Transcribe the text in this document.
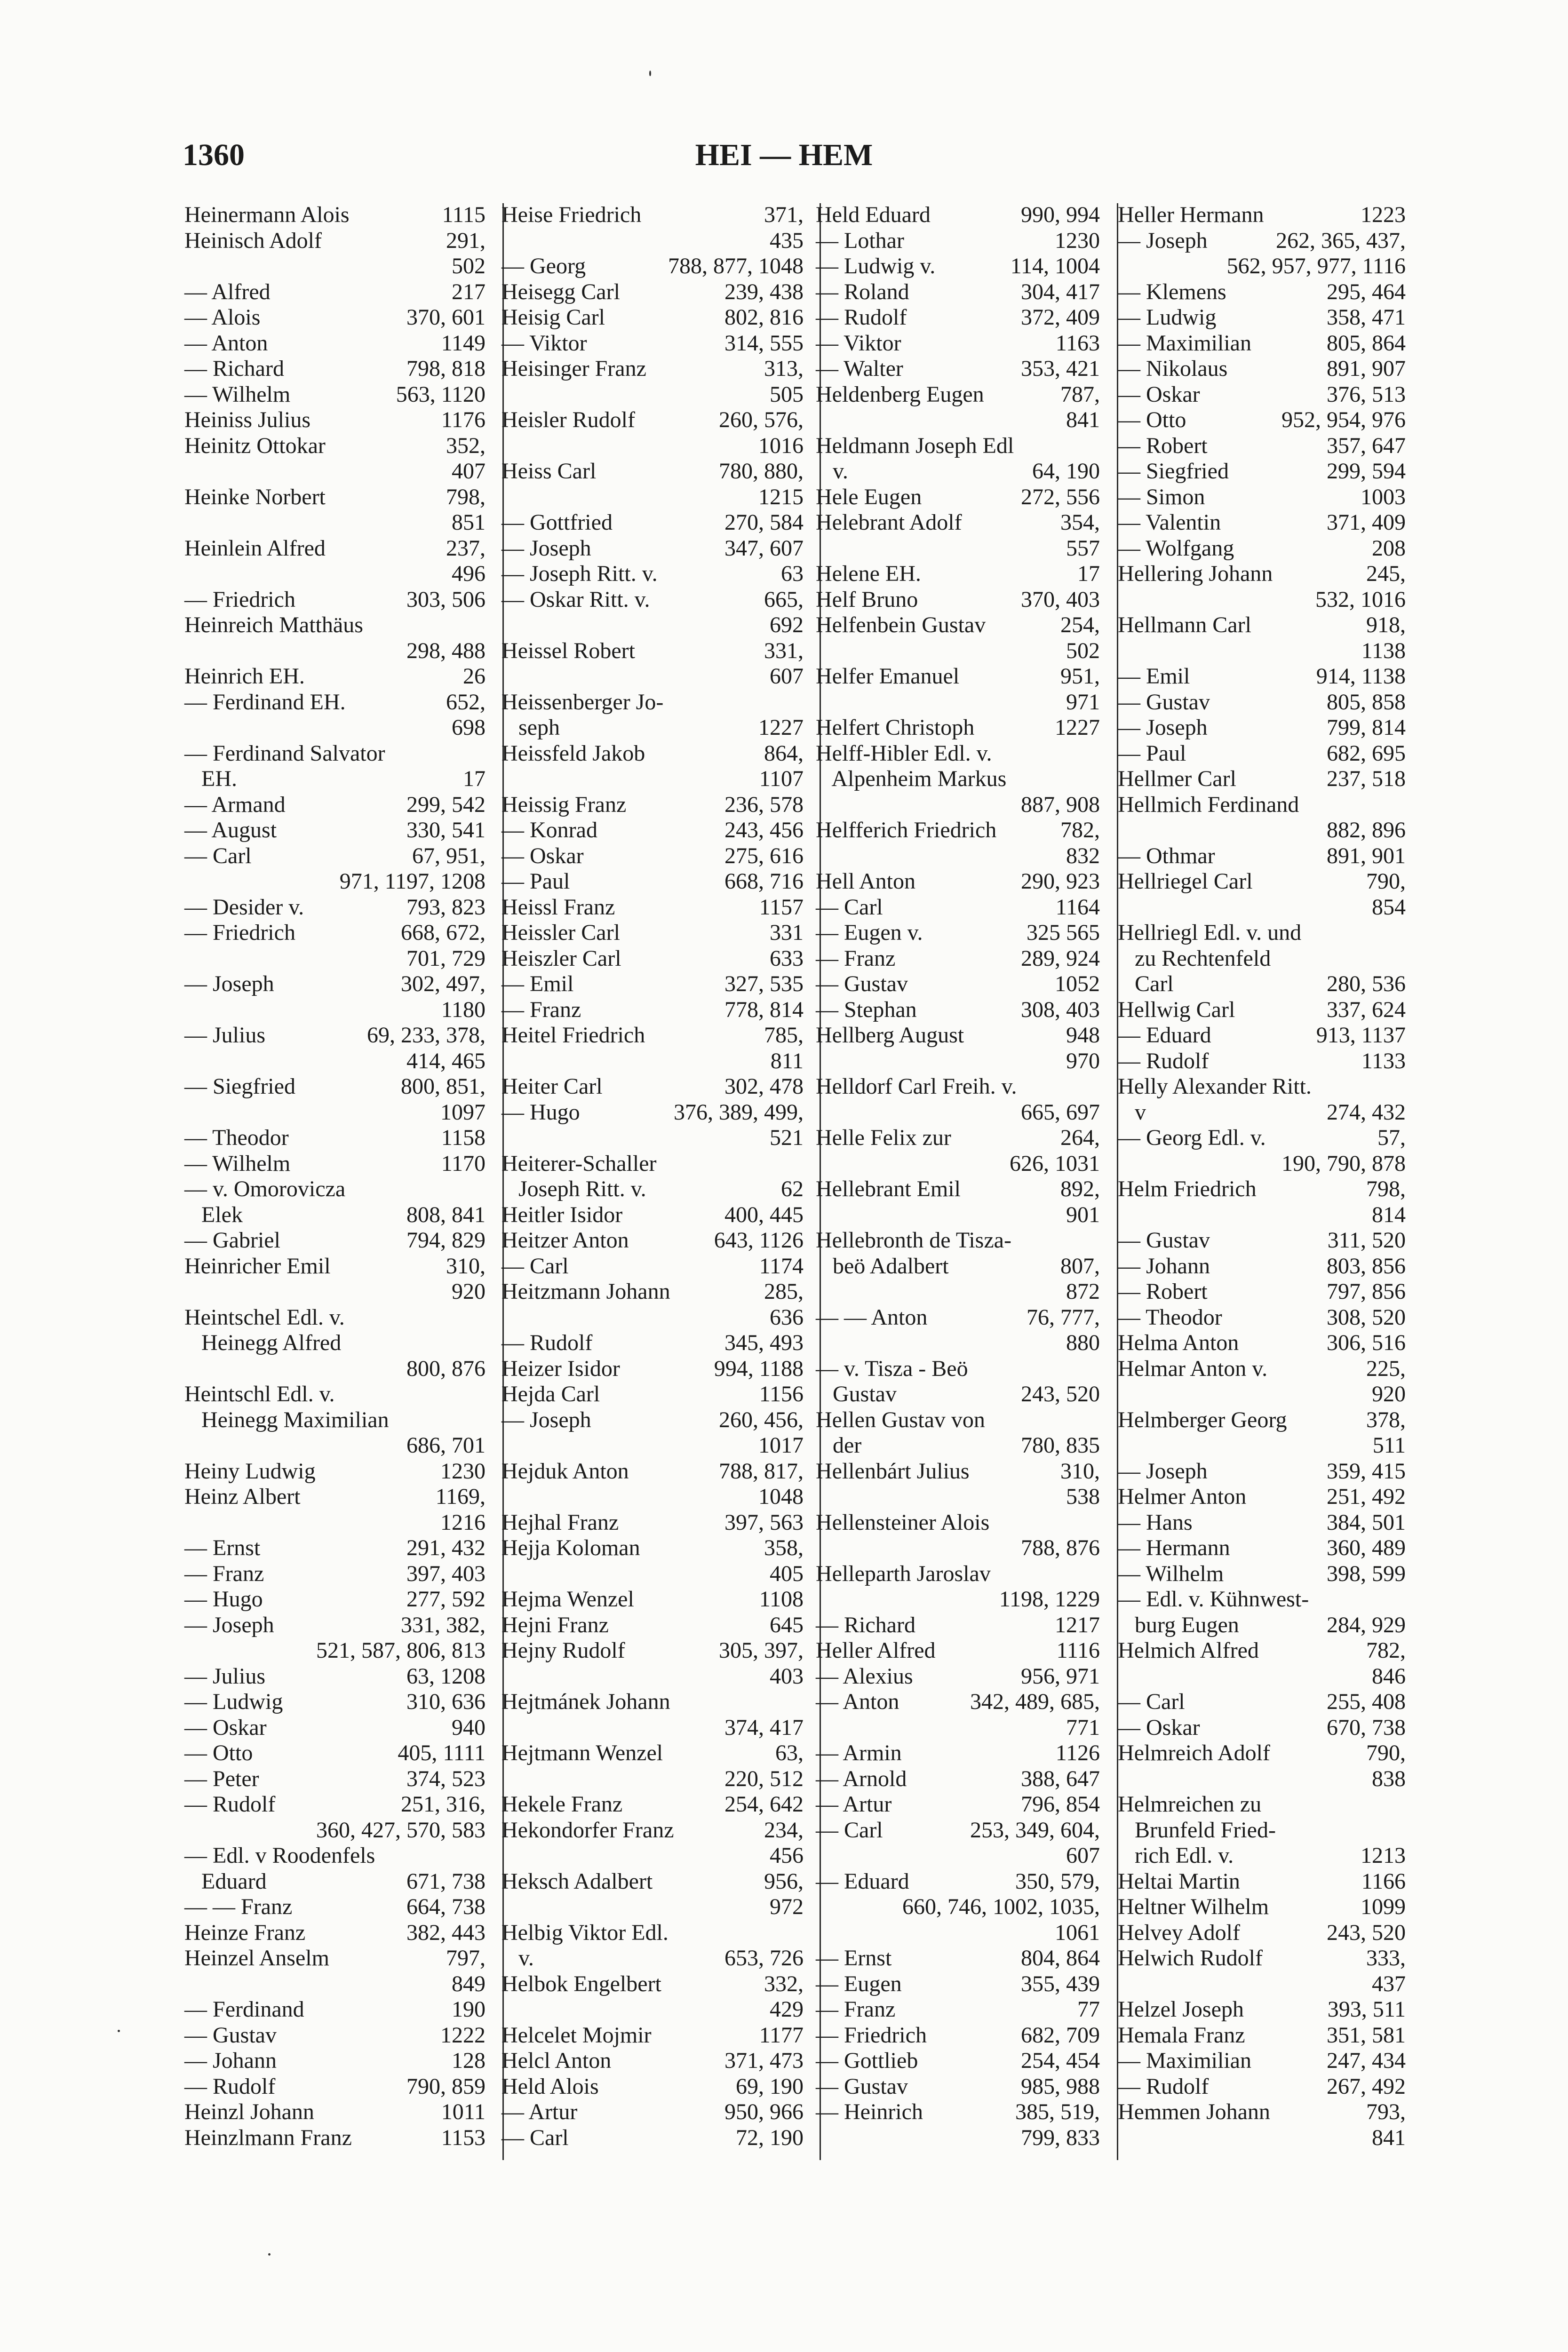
1360	HEI — HEM
1115
Heinermann Alois
291,
Heinisch Adolf
502
217
— Alfred
370, 601
— Alois
1149
— Anton
798, 818
— Richard
563, 1120
— Wilhelm
1176
Heiniss Julius
352,
Heinitz Ottokar
407
798,
Heinke Norbert
851
237,
Heinlein Alfred
496
303, 506
— Friedrich
Heinreich Matthäus
298, 488
26
Heinrich EH.
652,
— Ferdinand EH.
698
— Ferdinand Salvator
17
EH.
299, 542
— Armand
330, 541
— August
67, 951,
— Carl
971, 1197, 1208
793, 823
— Desider v.
668, 672,
— Friedrich
701, 729
302, 497,
— Joseph
1180
69, 233, 378,
— Julius
414, 465
800, 851,
— Siegfried
1097
1158
— Theodor
1170
— Wilhelm
— v. Omorovicza
808, 841
Elek
794, 829
— Gabriel
310,
Heinricher Emil
920
Heintschel Edl. v.
Heinegg Alfred
800, 876
Heintschl Edl. v.
Heinegg Maximilian
686, 701
1230
Heiny Ludwig
1169,
Heinz Albert
1216
291, 432
— Ernst
397, 403
— Franz
277, 592
— Hugo
331, 382,
— Joseph
521, 587, 806, 813
63, 1208
— Julius
310, 636
— Ludwig
940
— Oskar
405, 1111
— Otto
374, 523
— Peter
251, 316,
— Rudolf
360, 427, 570, 583
— Edl. v Roodenfels
671, 738
Eduard
664, 738
— — Franz
382, 443
Heinze Franz
797,
Heinzel Anselm
849
190
— Ferdinand
1222
— Gustav
128
— Johann
790, 859
— Rudolf
1011
Heinzl Johann
1153
Heinzlmann Franz
371,
Heise Friedrich
435
788, 877, 1048
— Georg
239, 438
Heisegg Carl
802, 816
Heisig Carl
314, 555
— Viktor
313,
Heisinger Franz
505
260, 576,
Heisler Rudolf
1016
780, 880,
Heiss Carl
1215
270, 584
— Gottfried
347, 607
— Joseph
63
— Joseph Ritt. v.
665,
— Oskar Ritt. v.
692
331,
Heissel Robert
607
Heissenberger Jo-
1227
seph
864,
Heissfeld Jakob
1107
236, 578
Heissig Franz
243, 456
— Konrad
275, 616
— Oskar
668, 716
— Paul
1157
Heissl Franz
331
Heissler Carl
633
Heiszler Carl
327, 535
— Emil
778, 814
— Franz
785,
Heitel Friedrich
811
302, 478
Heiter Carl
376, 389, 499,
— Hugo
521
Heiterer-Schaller
62
Joseph Ritt. v.
400, 445
Heitler Isidor
643, 1126
Heitzer Anton
1174
— Carl
285,
Heitzmann Johann
636
345, 493
— Rudolf
994, 1188
Heizer Isidor
1156
Hejda Carl
260, 456,
— Joseph
1017
788, 817,
Hejduk Anton
1048
397, 563
Hejhal Franz
358,
Hejja Koloman
405
1108
Hejma Wenzel
645
Hejni Franz
305, 397,
Hejny Rudolf
403
Hejtmánek Johann
374, 417
63,
Hejtmann Wenzel
220, 512
254, 642
Hekele Franz
234,
Hekondorfer Franz
456
956,
Heksch Adalbert
972
Helbig Viktor Edl.
653, 726
v.
332,
Helbok Engelbert
429
1177
Helcelet Mojmir
371, 473
Helcl Anton
69, 190
Held Alois
950, 966
— Artur
72, 190
— Carl
990, 994
Held Eduard
1230
— Lothar
114, 1004
— Ludwig v.
304, 417
— Roland
372, 409
— Rudolf
1163
— Viktor
353, 421
— Walter
787,
Heldenberg Eugen
841
Heldmann Joseph Edl
64, 190
v.
272, 556
Hele Eugen
354,
Helebrant Adolf
557
17
Helene EH.
370, 403
Helf Bruno
254,
Helfenbein Gustav
502
951,
Helfer Emanuel
971
1227
Helfert Christoph
Helff-Hibler Edl. v.
Alpenheim Markus
887, 908
782,
Helfferich Friedrich
832
290, 923
Hell Anton
1164
— Carl
325 565
— Eugen v.
289, 924
— Franz
1052
— Gustav
308, 403
— Stephan
948
Hellberg August
970
Helldorf Carl Freih. v.
665, 697
264,
Helle Felix zur
626, 1031
892,
Hellebrant Emil
901
Hellebronth de Tisza-
807,
beö Adalbert
872
76, 777,
— — Anton
880
— v. Tisza - Beö
243, 520
Gustav
Hellen Gustav von
780, 835
der
310,
Hellenbárt Julius
538
Hellensteiner Alois
788, 876
Helleparth Jaroslav
1198, 1229
1217
— Richard
1116
Heller Alfred
956, 971
— Alexius
342, 489, 685,
— Anton
771
1126
— Armin
388, 647
— Arnold
796, 854
— Artur
253, 349, 604,
— Carl
607
350, 579,
— Eduard
660, 746, 1002, 1035,
1061
804, 864
— Ernst
355, 439
— Eugen
77
— Franz
682, 709
— Friedrich
254, 454
— Gottlieb
985, 988
— Gustav
385, 519,
— Heinrich
799, 833
1223
Heller Hermann
262, 365, 437,
— Joseph
562, 957, 977, 1116
295, 464
— Klemens
358, 471
— Ludwig
805, 864
— Maximilian
891, 907
— Nikolaus
376, 513
— Oskar
952, 954, 976
— Otto
357, 647
— Robert
299, 594
— Siegfried
1003
— Simon
371, 409
— Valentin
208
— Wolfgang
245,
Hellering Johann
532, 1016
918,
Hellmann Carl
1138
914, 1138
— Emil
805, 858
— Gustav
799, 814
— Joseph
682, 695
— Paul
237, 518
Hellmer Carl
Hellmich Ferdinand
882, 896
891, 901
— Othmar
790,
Hellriegel Carl
854
Hellriegl Edl. v. und
zu Rechtenfeld
280, 536
Carl
337, 624
Hellwig Carl
913, 1137
— Eduard
1133
— Rudolf
Helly Alexander Ritt.
274, 432
v
57,
— Georg Edl. v.
190, 790, 878
798,
Helm Friedrich
814
311, 520
— Gustav
803, 856
— Johann
797, 856
— Robert
308, 520
— Theodor
306, 516
Helma Anton
225,
Helmar Anton v.
920
378,
Helmberger Georg
511
359, 415
— Joseph
251, 492
Helmer Anton
384, 501
— Hans
360, 489
— Hermann
398, 599
— Wilhelm
— Edl. v. Kühnwest-
284, 929
burg Eugen
782,
Helmich Alfred
846
255, 408
— Carl
670, 738
— Oskar
790,
Helmreich Adolf
838
Helmreichen zu
Brunfeld Fried-
1213
rich Edl. v.
1166
Heltai Martin
1099
Heltner Wilhelm
243, 520
Helvey Adolf
333,
Helwich Rudolf
437
393, 511
Helzel Joseph
351, 581
Hemala Franz
247, 434
— Maximilian
267, 492
— Rudolf
793,
Hemmen Johann
841
